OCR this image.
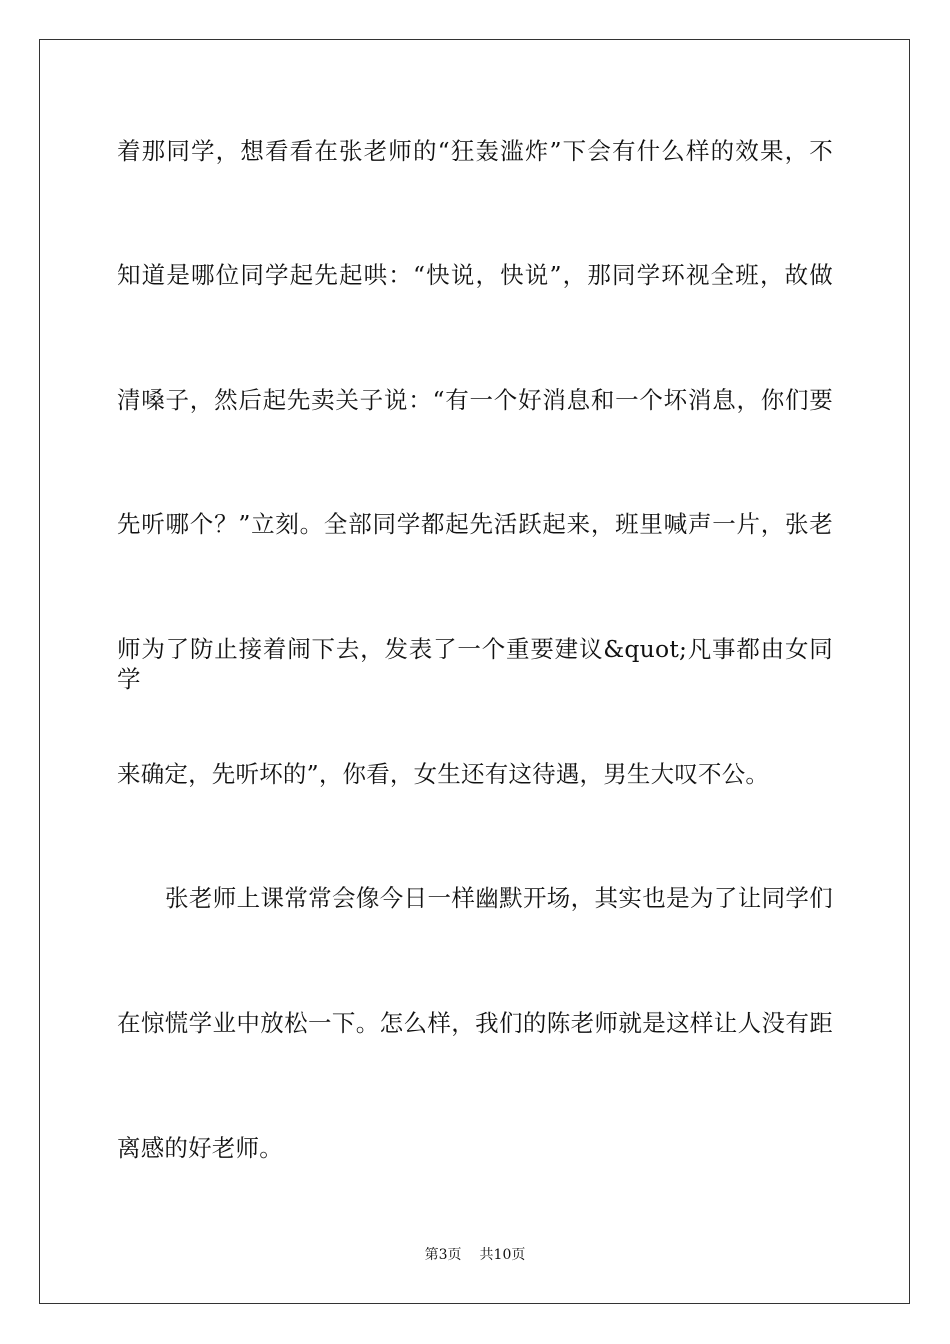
着那同学，想看看在张老师的“狂轰滥炸”下会有什么样的效果，不
知道是哪位同学起先起哄：“快说，快说”，那同学环视全班，故做
清嗓子，然后起先卖关子说：“有一个好消息和一个坏消息，你们要
先听哪个？”立刻。全部同学都起先活跃起来，班里喊声一片，张老
师为了防止接着闹下去，发表了一个重要建议&quot;凡事都由女同学
来确定，先听坏的”，你看，女生还有这待遇，男生大叹不公。
张老师上课常常会像今日一样幽默开场，其实也是为了让同学们
在惊慌学业中放松一下。怎么样，我们的陈老师就是这样让人没有距
离感的好老师。
第3页 共10页
